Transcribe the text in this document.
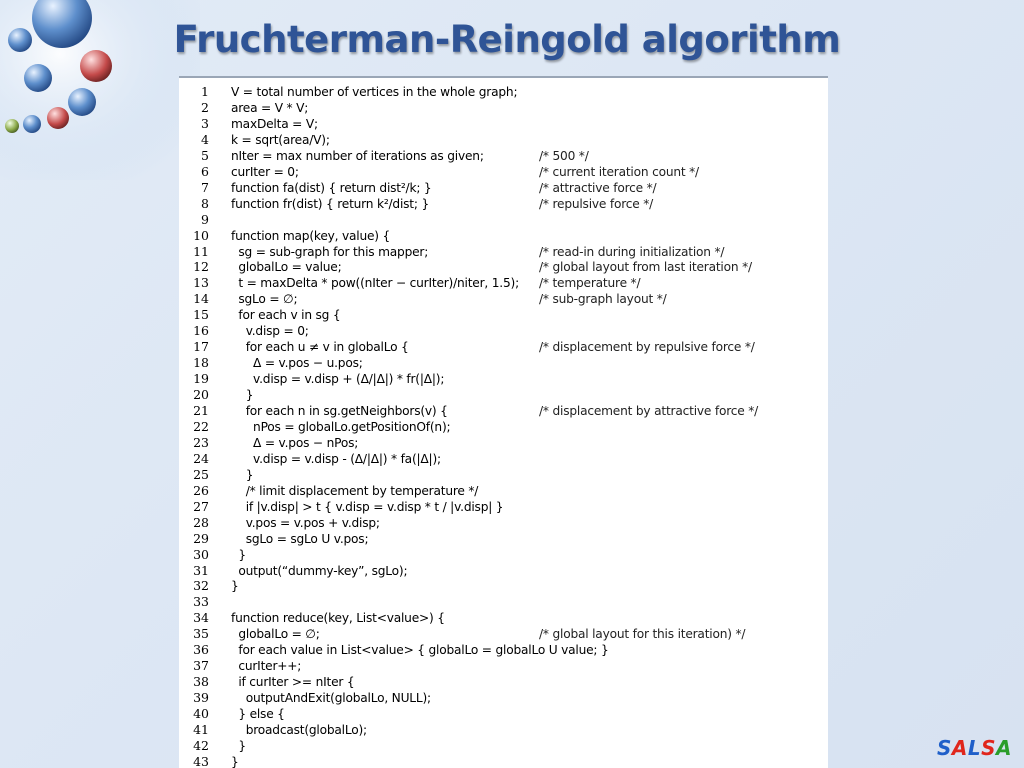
Fruchterman-Reingold algorithm
1 V = total number of vertices in the whole graph;
2 area = V * V;
3 maxDelta = V;
4 k = sqrt(area/V);
5 nIter = max number of iterations as given;	/* 500 */
6 curIter = 0;	/* current iteration count */
7 function fa(dist) { return dist²/k; }	/* attractive force */
8 function fr(dist) { return k²/dist; }	/* repulsive force */
9
10 function map(key, value) {
11 sg = sub-graph for this mapper;	/* read-in during initialization */
12 globalLo = value;	/* global layout from last iteration */
13 t = maxDelta * pow((nIter − curIter)/niter, 1.5); /* temperature */
14 sgLo = ∅;	/* sub-graph layout */
15 for each v in sg {
16 v.disp = 0;
17 for each u ≠ v in globalLo {	/* displacement by repulsive force */
18 Δ = v.pos − u.pos;
19 v.disp = v.disp + (Δ/|Δ|) * fr(|Δ|);
20 }
21 for each n in sg.getNeighbors(v) {	/* displacement by attractive force */
22 nPos = globalLo.getPositionOf(n);
23 Δ = v.pos − nPos;
24 v.disp = v.disp - (Δ/|Δ|) * fa(|Δ|);
25 }
26 /* limit displacement by temperature */
27 if |v.disp| > t { v.disp = v.disp * t / |v.disp| }
28 v.pos = v.pos + v.disp;
29 sgLo = sgLo U v.pos;
30 }
31 output(“dummy-key”, sgLo);
32 }
33
34 function reduce(key, List<value>) {
35 globalLo = ∅;	/* global layout for this iteration) */
36 for each value in List<value> { globalLo = globalLo U value; }
37 curIter++;
38 if curIter >= nIter {
39 outputAndExit(globalLo, NULL);
40 } else {
41 broadcast(globalLo);
42 }
43 }
SALSA
